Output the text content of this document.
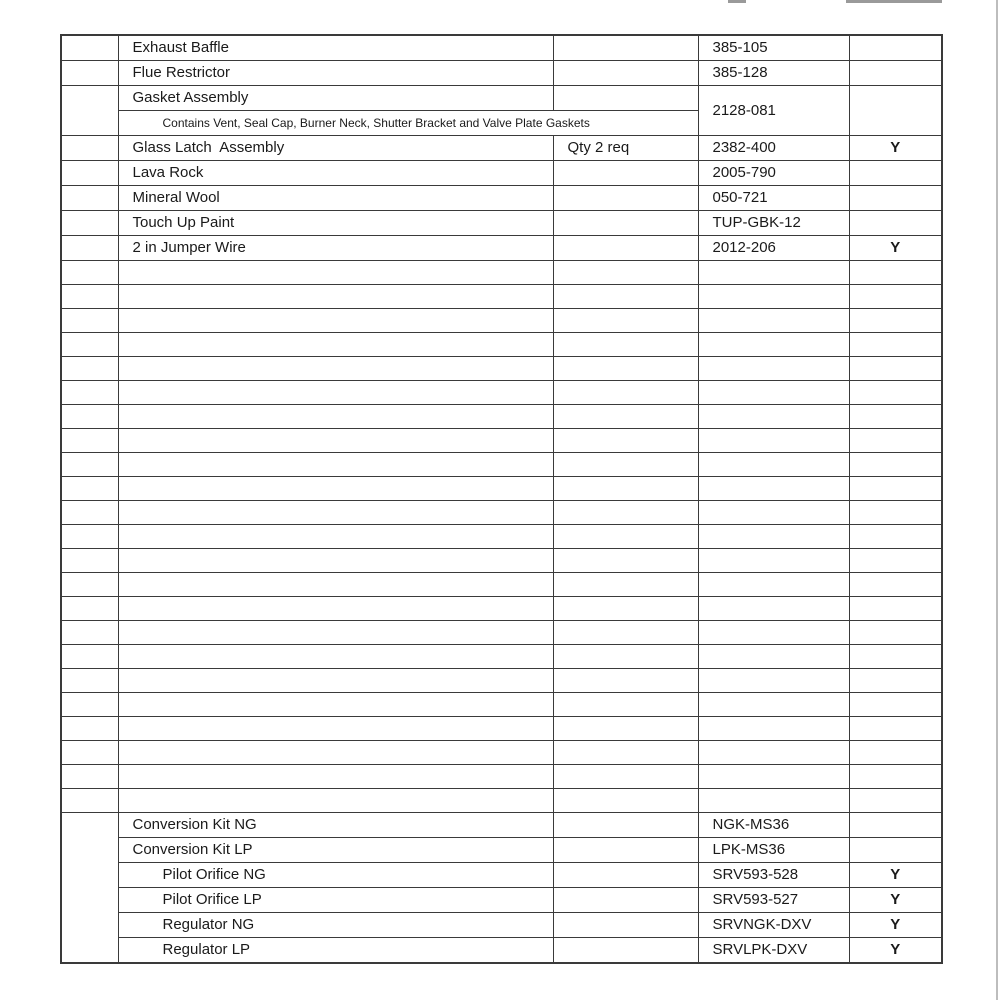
	Exhaust Baffle		385-105	
	Flue Restrictor		385-128	
	Gasket Assembly		2128-081	
	Contains Vent, Seal Cap, Burner Neck, Shutter Bracket and Valve Plate Gaskets			
	Glass Latch  Assembly	Qty 2 req	2382-400	Y
	Lava Rock		2005-790	
	Mineral Wool		050-721	
	Touch Up Paint		TUP-GBK-12	
	2 in Jumper Wire		2012-206	Y

	Conversion Kit NG		NGK-MS36	
	Conversion Kit LP		LPK-MS36	
	Pilot Orifice NG		SRV593-528	Y
	Pilot Orifice LP		SRV593-527	Y
	Regulator NG		SRVNGK-DXV	Y
	Regulator LP		SRVLPK-DXV	Y
